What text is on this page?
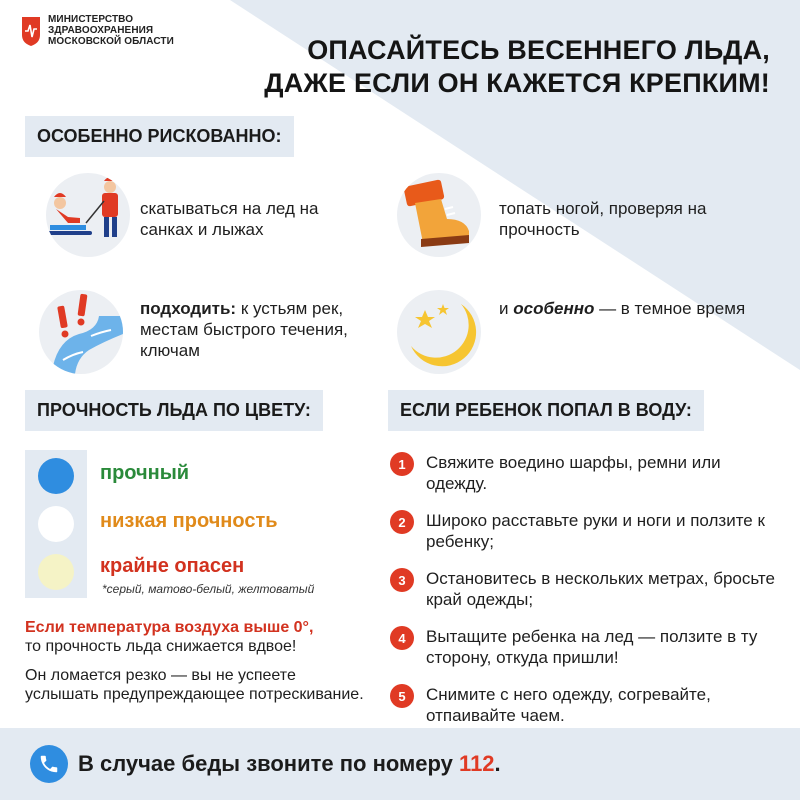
МИНИСТЕРСТВО
ЗДРАВООХРАНЕНИЯ
МОСКОВСКОЙ ОБЛАСТИ	ОПАСАЙТЕСЬ ВЕСЕННЕГО ЛЬДА,
ДАЖЕ ЕСЛИ ОН КАЖЕТСЯ КРЕПКИМ!
ОСОБЕННО РИСКОВАННО:
скатываться на лед на санках и лыжах
топать ногой, проверяя на прочность
подходить: к устьям рек, местам быстрого течения, ключам
и особенно — в темное время
ПРОЧНОСТЬ ЛЬДА ПО ЦВЕТУ:
прочный
низкая прочность
крайне опасен
*серый, матово-белый, желтоватый
Если температура воздуха выше 0°,
то прочность льда снижается вдвое!
Он ломается резко — вы не успеете услышать предупреждающее потрескивание.
ЕСЛИ РЕБЕНОК ПОПАЛ В ВОДУ:
1	Свяжите воедино шарфы, ремни или одежду.
2	Широко расставьте руки и ноги и ползите к ребенку;
3	Остановитесь в нескольких метрах, бросьте край одежды;
4	Вытащите ребенка на лед — ползите в ту сторону, откуда пришли!
5	Снимите с него одежду, согревайте, отпаивайте чаем.
В случае беды звоните по номеру 112.
